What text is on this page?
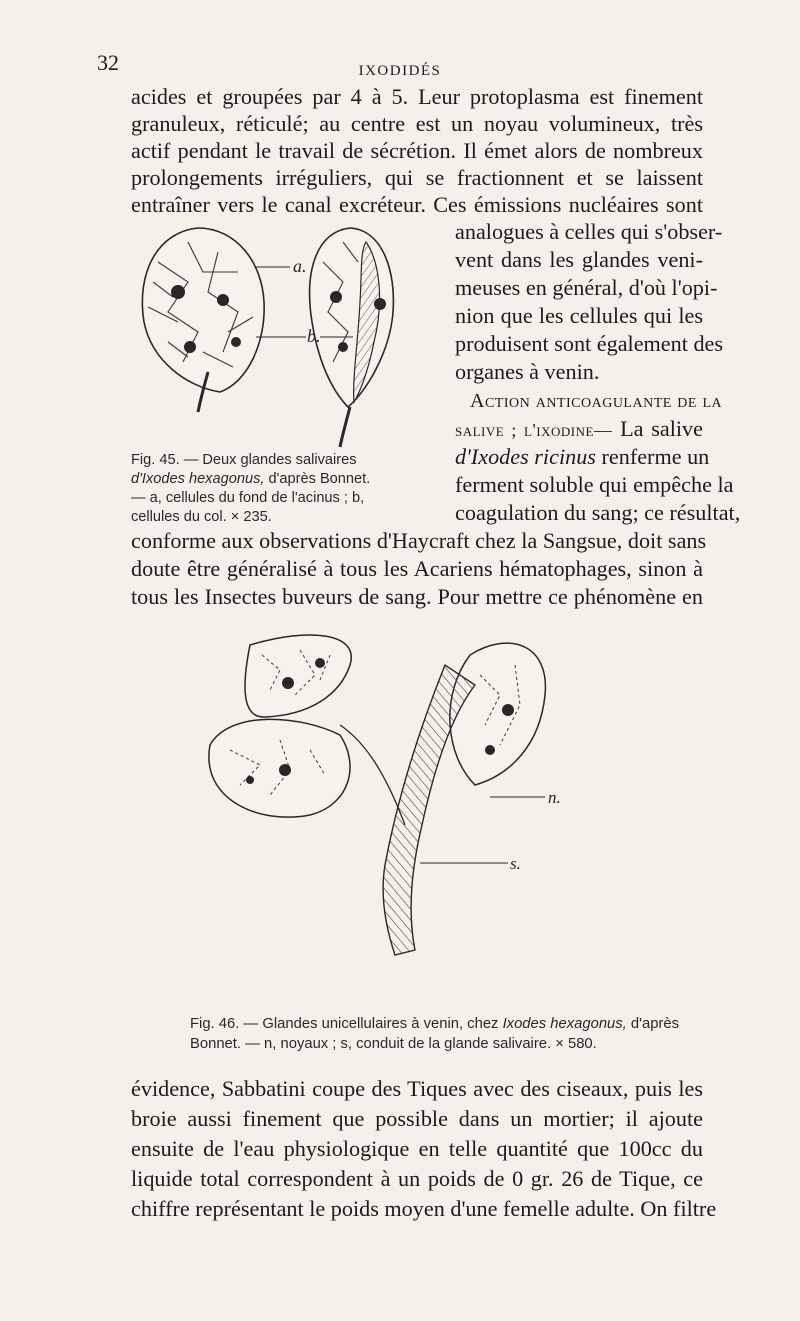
32	IXODIDÉS
acides et groupées par 4 à 5. Leur protoplasma est finement
granuleux, réticulé; au centre est un noyau volumineux, très
actif pendant le travail de sécrétion. Il émet alors de nombreux
prolongements irréguliers, qui se fractionnent et se laissent
entraîner vers le canal excréteur. Ces émissions nucléaires sont
analogues à celles qui s'obser-
vent dans les glandes veni-
meuses en général, d'où l'opi-
nion que les cellules qui les
produisent sont également des
organes à venin.
Action anticoagulante de la
salive ; l'ixodine— La salive
d'Ixodes ricinus renferme un
ferment soluble qui empêche la
coagulation du sang; ce résultat,
conforme aux observations d'Haycraft chez la Sangsue, doit sans
doute être généralisé à tous les Acariens hématophages, sinon à
tous les Insectes buveurs de sang. Pour mettre ce phénomène en
a.
b.
Fig. 45. — Deux glandes salivaires
d'Ixodes hexagonus, d'après Bonnet.
— a, cellules du fond de l'acinus ; b,
cellules du col. × 235.
n.
s.
Fig. 46. — Glandes unicellulaires à venin, chez Ixodes hexagonus, d'après
Bonnet. — n, noyaux ; s, conduit de la glande salivaire. × 580.
évidence, Sabbatini coupe des Tiques avec des ciseaux, puis les
broie aussi finement que possible dans un mortier; il ajoute
ensuite de l'eau physiologique en telle quantité que 100cc du
liquide total correspondent à un poids de 0 gr. 26 de Tique, ce
chiffre représentant le poids moyen d'une femelle adulte. On filtre
